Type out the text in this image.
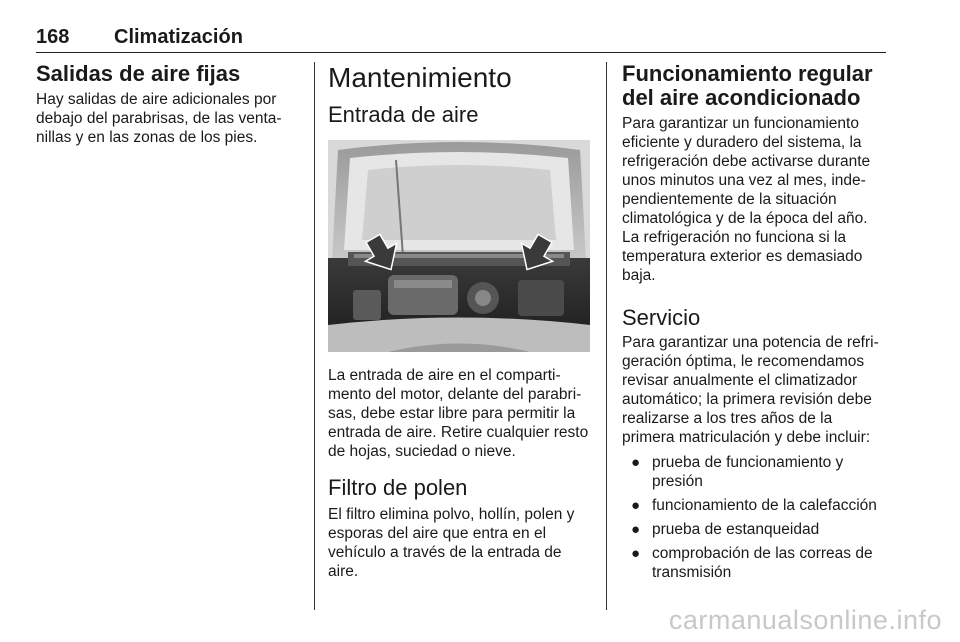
168 Climatización
Salidas de aire fijas

Hay salidas de aire adicionales por debajo del parabrisas, de las venta-nillas y en las zonas de los pies.

Mantenimiento
Entrada de aire

La entrada de aire en el comparti-mento del motor, delante del parabri-sas, debe estar libre para permitir la entrada de aire. Retire cualquier resto de hojas, suciedad o nieve.

Filtro de polen

El filtro elimina polvo, hollín, polen y esporas del aire que entra en el vehículo a través de la entrada de aire.

Funcionamiento regular del aire acondicionado

Para garantizar un funcionamiento eficiente y duradero del sistema, la refrigeración debe activarse durante unos minutos una vez al mes, inde-pendientemente de la situación climatológica y de la época del año. La refrigeración no funciona si la temperatura exterior es demasiado baja.

Servicio

Para garantizar una potencia de refri-geración óptima, le recomendamos revisar anualmente el climatizador automático; la primera revisión debe realizarse a los tres años de la primera matriculación y debe incluir:

● prueba de funcionamiento y presión
● funcionamiento de la calefacción
● prueba de estanqueidad
● comprobación de las correas de transmisión
carmanualsonline.info
